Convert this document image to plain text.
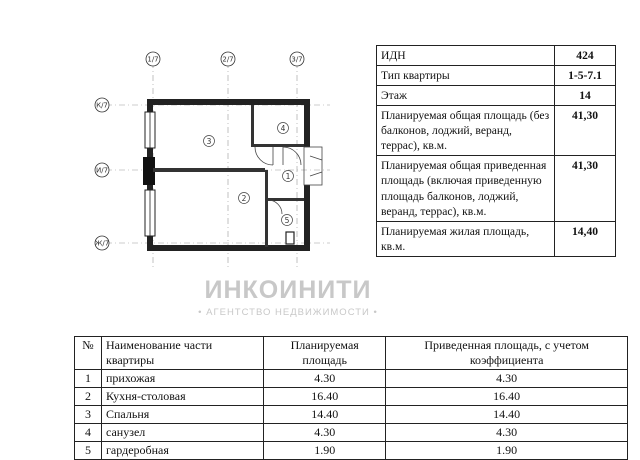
1/7	2/7	3/7
К/7
И/7
Ж/7
3
4
1
2
5
ИДН	424
Тип квартиры	1-5-7.1
Этаж	14
Планируемая общая площадь (без балконов, лоджий, веранд, террас), кв.м.	41,30
Планируемая общая приведенная площадь (включая приведенную площадь балконов, лоджий, веранд, террас), кв.м.	41,30
Планируемая жилая площадь, кв.м.	14,40
ИНКОИНИТИ
• АГЕНТСТВО НЕДВИЖИМОСТИ •
№	Наименование части квартиры	Планируемая площадь	Приведенная площадь, с учетом коэффициента
1	прихожая	4.30	4.30
2	Кухня-столовая	16.40	16.40
3	Спальня	14.40	14.40
4	санузел	4.30	4.30
5	гардеробная	1.90	1.90
